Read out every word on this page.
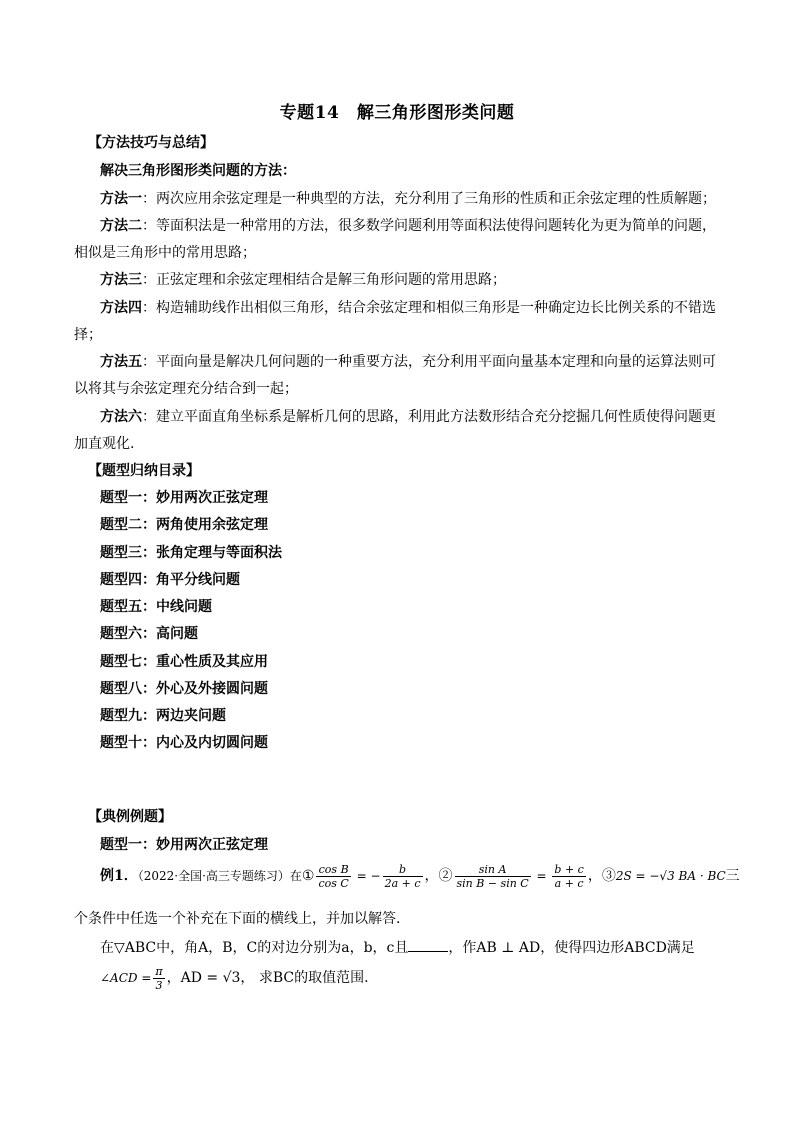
专题14　解三角形图形类问题
【方法技巧与总结】
解决三角形图形类问题的方法：
方法一：两次应用余弦定理是一种典型的方法，充分利用了三角形的性质和正余弦定理的性质解题；
方法二：等面积法是一种常用的方法，很多数学问题利用等面积法使得问题转化为更为简单的问题，
相似是三角形中的常用思路；
方法三：正弦定理和余弦定理相结合是解三角形问题的常用思路；
方法四：构造辅助线作出相似三角形，结合余弦定理和相似三角形是一种确定边长比例关系的不错选
择；
方法五：平面向量是解决几何问题的一种重要方法，充分利用平面向量基本定理和向量的运算法则可
以将其与余弦定理充分结合到一起；
方法六：建立平面直角坐标系是解析几何的思路，利用此方法数形结合充分挖掘几何性质使得问题更
加直观化.
【题型归纳目录】
题型一：妙用两次正弦定理
题型二：两角使用余弦定理
题型三：张角定理与等面积法
题型四：角平分线问题
题型五：中线问题
题型六：高问题
题型七：重心性质及其应用
题型八：外心及外接圆问题
题型九：两边夹问题
题型十：内心及内切圆问题
【典例例题】
题型一：妙用两次正弦定理
例1．（2022·全国·高三专题练习）在① $\frac{\text{cos B}}{\text{cos C}}$ = − $\frac{b}{2a + c}$ ，② $\frac{\text{sin A}}{\text{sin B − sin C}} = \frac{b + c}{a + c}$ ，③2S = −√3 BA · BC三
个条件中任选一个补充在下面的横线上，并加以解答.
在▽ABC中，角A，B，C的对边分别为a，b，c且	，作AB ⊥ AD，使得四边形ABCD满足
∠ACD = $\frac{\pi}{3}$ ，AD = √3， 求BC的取值范围.
